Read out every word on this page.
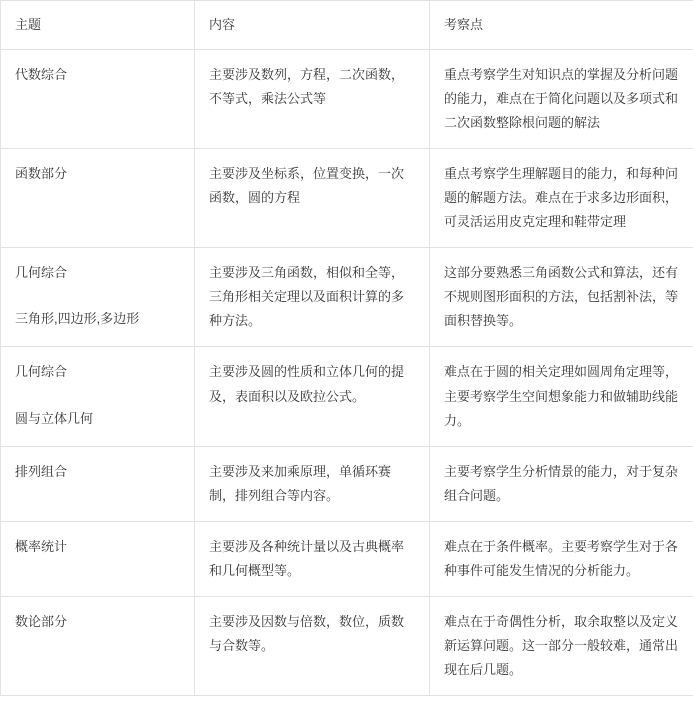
主题	内容	考察点

代数综合	主要涉及数列，方程，二次函数，不等式，乘法公式等	重点考察学生对知识点的掌握及分析问题的能力，难点在于简化问题以及多项式和二次函数整除根问题的解法

函数部分	主要涉及坐标系，位置变换，一次函数，圆的方程	重点考察学生理解题目的能力，和每种问题的解题方法。难点在于求多边形面积，可灵活运用皮克定理和鞋带定理

几何综合
三角形,四边形,多边形	主要涉及三角函数，相似和全等，三角形相关定理以及面积计算的多种方法。	这部分要熟悉三角函数公式和算法，还有不规则图形面积的方法，包括割补法，等面积替换等。

几何综合
圆与立体几何	主要涉及圆的性质和立体几何的提及，表面积以及欧拉公式。	难点在于圆的相关定理如圆周角定理等，主要考察学生空间想象能力和做辅助线能力。

排列组合	主要涉及来加乘原理，单循环赛制，排列组合等内容。	主要考察学生分析情景的能力，对于复杂组合问题。

概率统计	主要涉及各种统计量以及古典概率和几何概型等。	难点在于条件概率。主要考察学生对于各种事件可能发生情况的分析能力。

数论部分	主要涉及因数与倍数，数位，质数与合数等。	难点在于奇偶性分析，取余取整以及定义新运算问题。这一部分一般较难，通常出现在后几题。
